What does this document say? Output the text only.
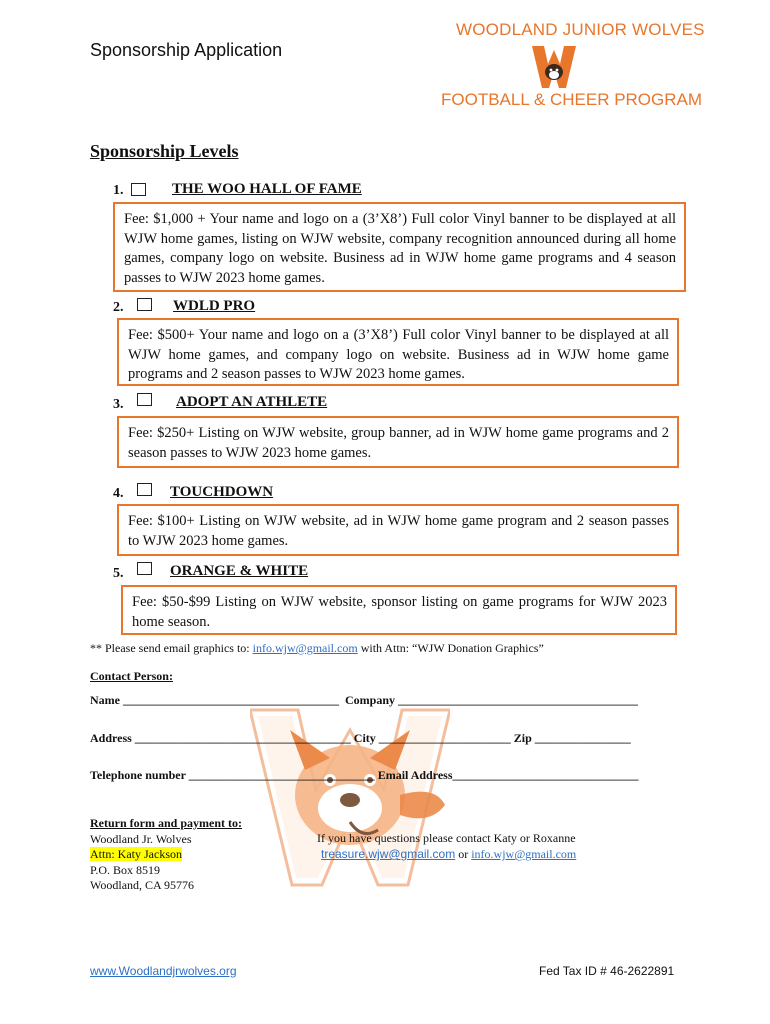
Sponsorship Application
WOODLAND JUNIOR WOLVES
FOOTBALL & CHEER PROGRAM
Sponsorship Levels
1.	THE WOO HALL OF FAME

Fee: $1,000 + Your name and logo on a (3’X8’) Full color Vinyl banner to be displayed at all WJW home games, listing on WJW website, company recognition announced during all home games, company logo on website. Business ad in WJW home game programs and 4 season passes to WJW 2023 home games.

2.	WDLD PRO

Fee: $500+ Your name and logo on a (3’X8’) Full color Vinyl banner to be displayed at all WJW home games, and company logo on website. Business ad in WJW home game programs and 2 season passes to WJW 2023 home games.

3.	ADOPT AN ATHLETE

Fee: $250+ Listing on WJW website, group banner, ad in WJW home game programs and 2 season passes to WJW 2023 home games.

4.	TOUCHDOWN

Fee: $100+ Listing on WJW website, ad in WJW home game program and 2 season passes to WJW 2023 home games.

5.	ORANGE & WHITE

Fee: $50-$99 Listing on WJW website, sponsor listing on game programs for WJW 2023 home season.

** Please send email graphics to: info.wjw@gmail.com with Attn: “WJW Donation Graphics”
Contact Person:
Name ____________________________________  Company ________________________________________
Address ____________________________________ City ______________________ Zip ________________
Telephone number _______________________________ Email Address_______________________________
Return form and payment to:
Woodland Jr. Wolves
Attn: Katy Jackson
P.O. Box 8519
Woodland, CA 95776
If you have questions please contact Katy or Roxanne
treasure.wjw@gmail.com or info.wjw@gmail.com
www.Woodlandjrwolves.org	Fed Tax ID # 46-2622891
